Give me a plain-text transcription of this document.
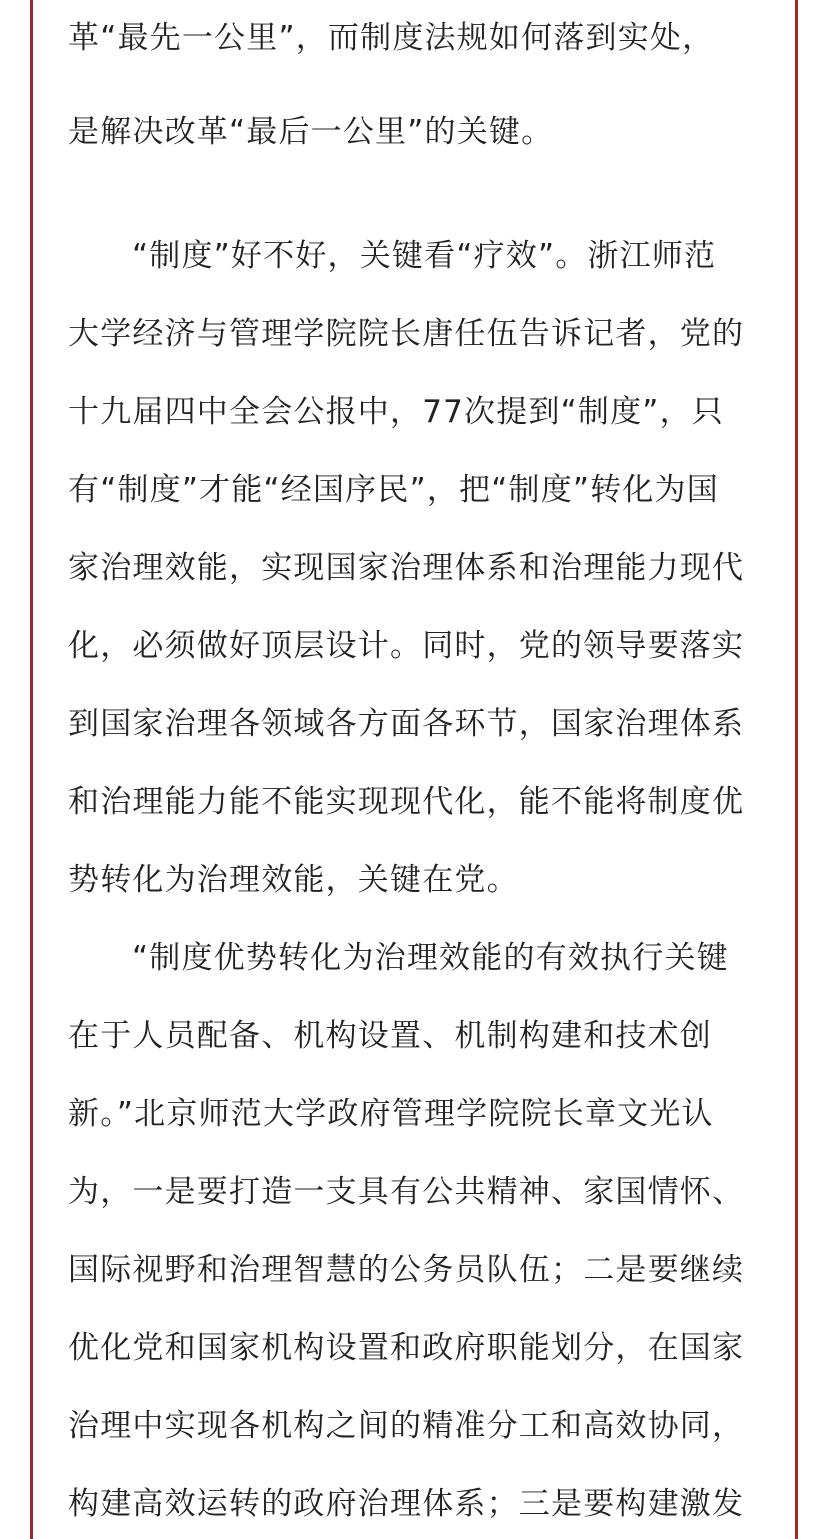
革“最先一公里”，而制度法规如何落到实处，
是解决改革“最后一公里”的关键。
“制度”好不好，关键看“疗效”。浙江师范
大学经济与管理学院院长唐任伍告诉记者，党的
十九届四中全会公报中，77次提到“制度”，只
有“制度”才能“经国序民”，把“制度”转化为国
家治理效能，实现国家治理体系和治理能力现代
化，必须做好顶层设计。同时，党的领导要落实
到国家治理各领域各方面各环节，国家治理体系
和治理能力能不能实现现代化，能不能将制度优
势转化为治理效能，关键在党。
“制度优势转化为治理效能的有效执行关键
在于人员配备、机构设置、机制构建和技术创
新。”北京师范大学政府管理学院院长章文光认
为，一是要打造一支具有公共精神、家国情怀、
国际视野和治理智慧的公务员队伍；二是要继续
优化党和国家机构设置和政府职能划分，在国家
治理中实现各机构之间的精准分工和高效协同，
构建高效运转的政府治理体系；三是要构建激发
